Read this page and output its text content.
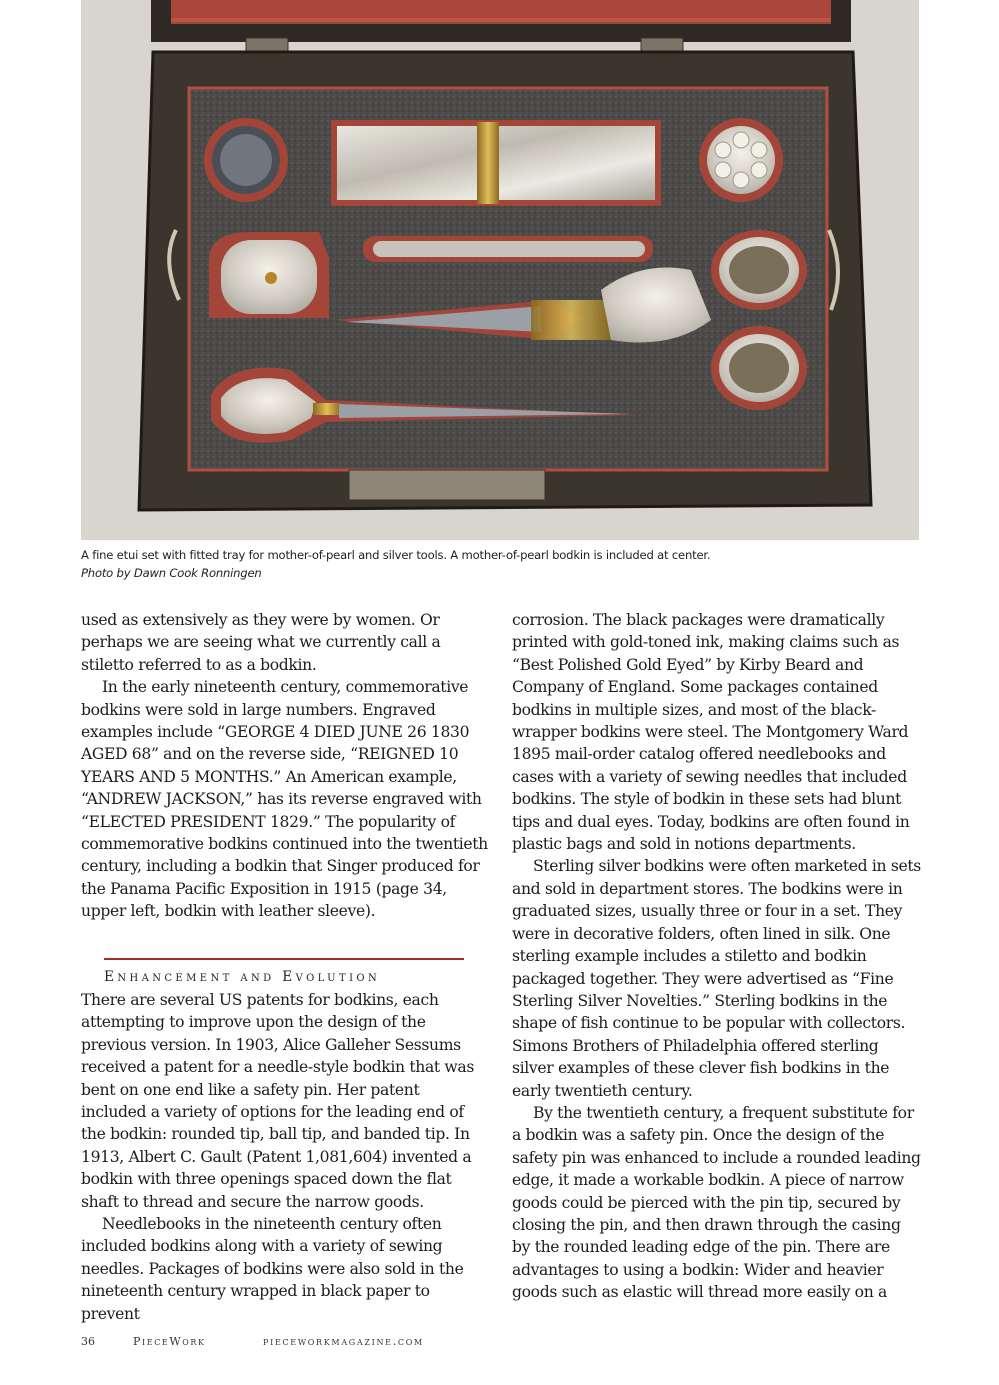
A fine etui set with fitted tray for mother-of-pearl and silver tools. A mother-of-pearl bodkin is included at center.
Photo by Dawn Cook Ronningen

used as extensively as they were by women. Or perhaps we are seeing what we currently call a stiletto referred to as a bodkin.

In the early nineteenth century, commemorative bodkins were sold in large numbers. Engraved examples include “GEORGE 4 DIED JUNE 26 1830 AGED 68” and on the reverse side, “REIGNED 10 YEARS AND 5 MONTHS.” An American example, “ANDREW JACKSON,” has its reverse engraved with “ELECTED PRESIDENT 1829.” The popularity of commemorative bodkins continued into the twentieth century, including a bodkin that Singer produced for the Panama Pacific Exposition in 1915 (page 34, upper left, bodkin with leather sleeve).

Enhancement and Evolution

There are several US patents for bodkins, each attempting to improve upon the design of the previous version. In 1903, Alice Galleher Sessums received a patent for a needle-style bodkin that was bent on one end like a safety pin. Her patent included a variety of options for the leading end of the bodkin: rounded tip, ball tip, and banded tip. In 1913, Albert C. Gault (Patent 1,081,604) invented a bodkin with three openings spaced down the flat shaft to thread and secure the narrow goods.

Needlebooks in the nineteenth century often included bodkins along with a variety of sewing needles. Packages of bodkins were also sold in the nineteenth century wrapped in black paper to prevent

corrosion. The black packages were dramatically printed with gold-toned ink, making claims such as “Best Polished Gold Eyed” by Kirby Beard and Company of England. Some packages contained bodkins in multiple sizes, and most of the black-wrapper bodkins were steel. The Montgomery Ward 1895 mail-order catalog offered needlebooks and cases with a variety of sewing needles that included bodkins. The style of bodkin in these sets had blunt tips and dual eyes. Today, bodkins are often found in plastic bags and sold in notions departments.

Sterling silver bodkins were often marketed in sets and sold in department stores. The bodkins were in graduated sizes, usually three or four in a set. They were in decorative folders, often lined in silk. One sterling example includes a stiletto and bodkin packaged together. They were advertised as “Fine Sterling Silver Novelties.” Sterling bodkins in the shape of fish continue to be popular with collectors. Simons Brothers of Philadelphia offered sterling silver examples of these clever fish bodkins in the early twentieth century.

By the twentieth century, a frequent substitute for a bodkin was a safety pin. Once the design of the safety pin was enhanced to include a rounded leading edge, it made a workable bodkin. A piece of narrow goods could be pierced with the pin tip, secured by closing the pin, and then drawn through the casing by the rounded leading edge of the pin. There are advantages to using a bodkin: Wider and heavier goods such as elastic will thread more easily on a

36	PieceWork	pieceworkmagazine.com
